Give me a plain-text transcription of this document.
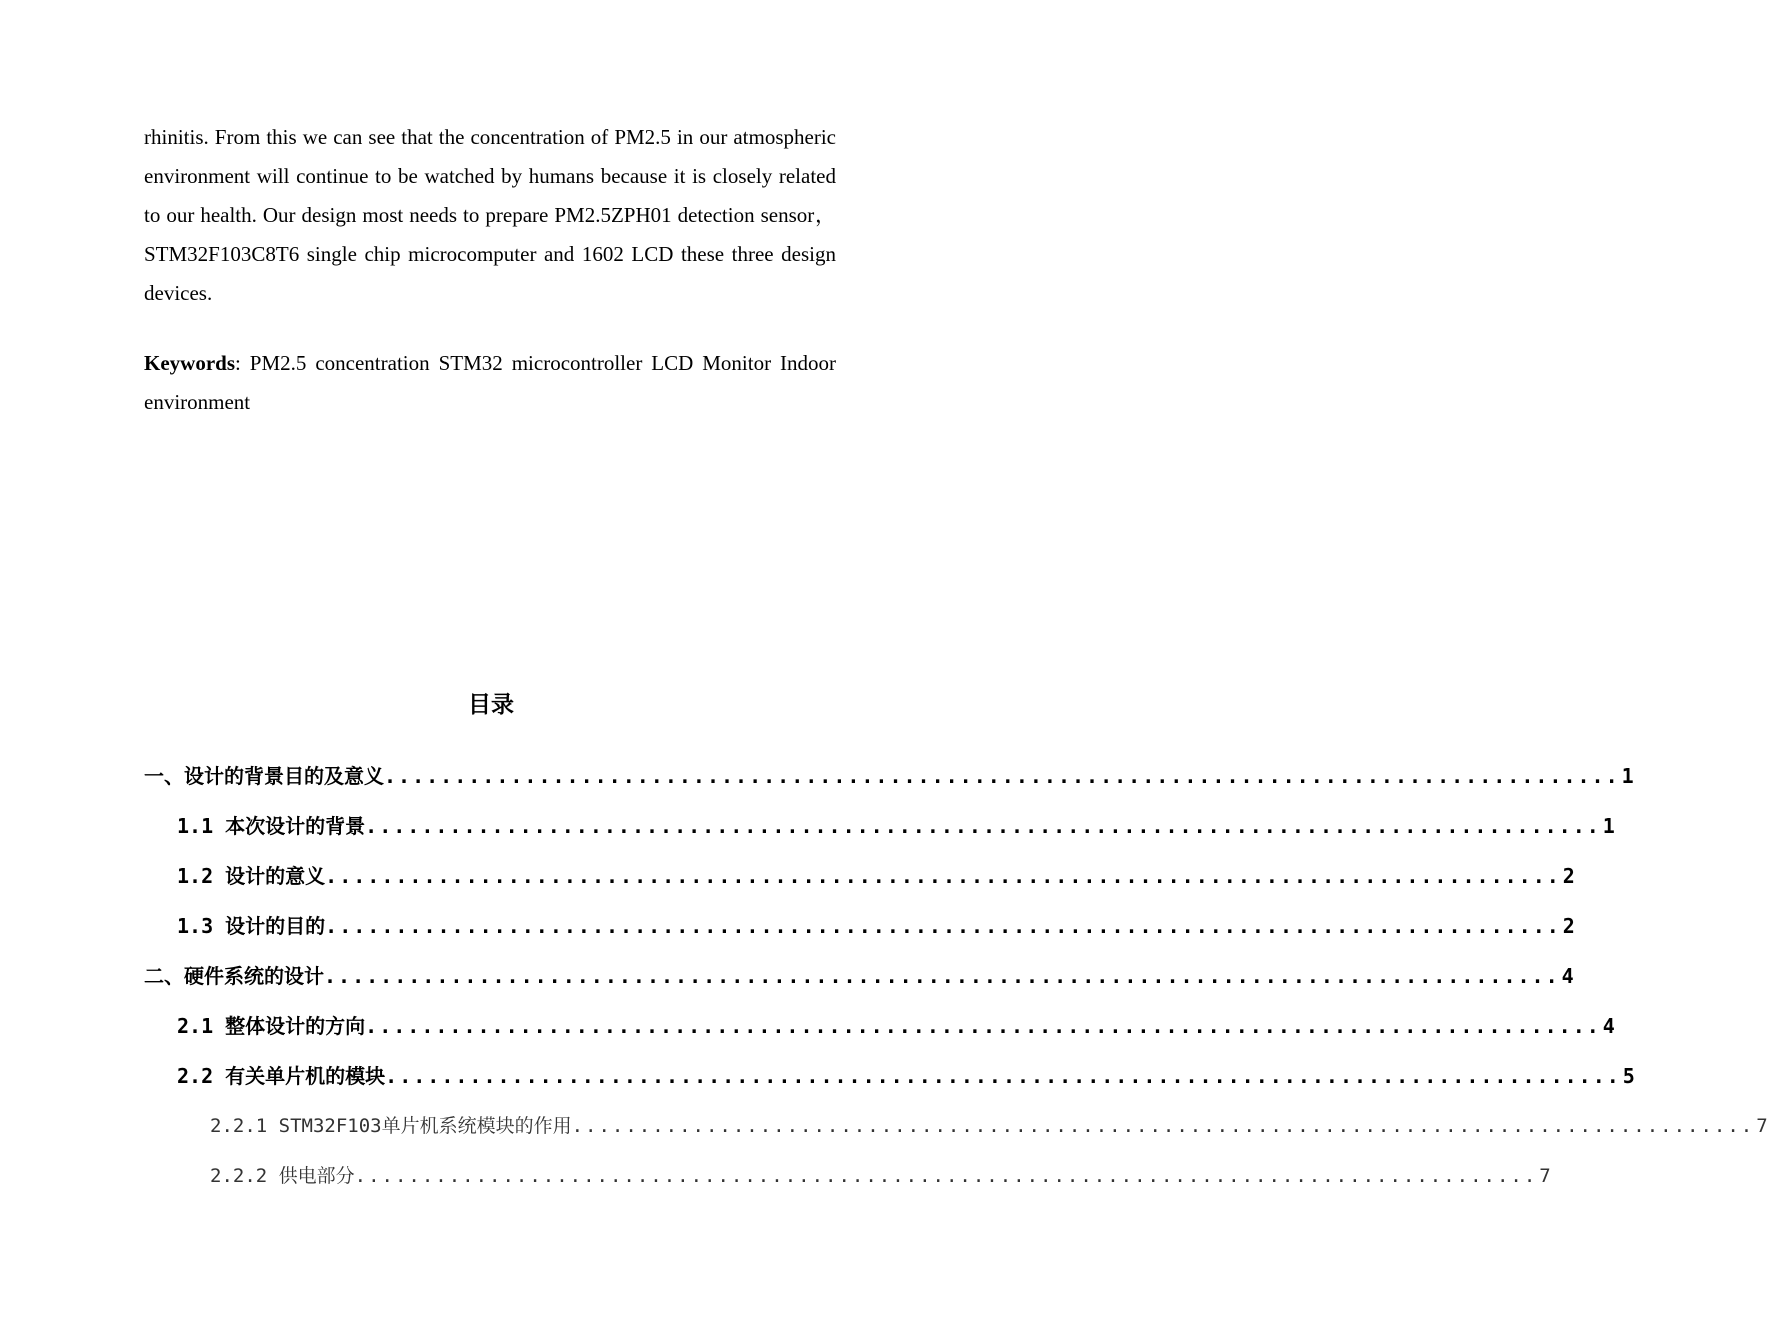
rhinitis. From this we can see that the concentration of PM2.5 in our atmospheric environment will continue to be watched by humans because it is closely related to our health. Our design most needs to prepare PM2.5ZPH01 detection sensor， STM32F103C8T6 single chip microcomputer and 1602 LCD these three design devices.

Keywords: PM2.5 concentration STM32 microcontroller LCD Monitor Indoor environment

目录
一、设计的背景目的及意义 ........................................................................................ 1
1.1 本次设计的背景 ........................................................................................ 1
1.2 设计的意义 ........................................................................................ 2
1.3 设计的目的 ........................................................................................ 2
二、硬件系统的设计 ........................................................................................ 4
2.1 整体设计的方向 ........................................................................................ 4
2.2 有关单片机的模块 ........................................................................................ 5
2.2.1 STM32F103单片机系统模块的作用 ........................................................................................ 7
2.2.2 供电部分 ........................................................................................ 7
